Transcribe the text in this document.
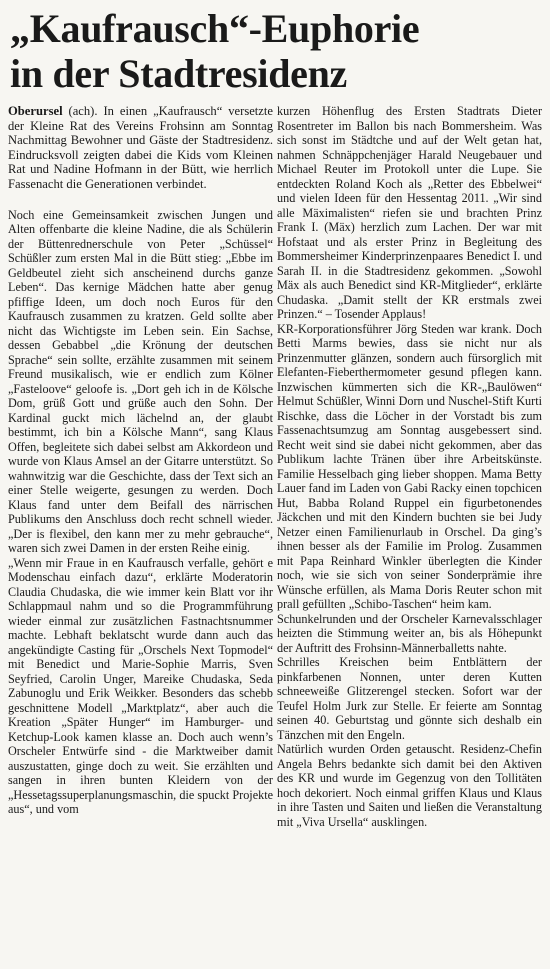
„Kaufrausch“-Euphorie
in der Stadtresidenz

Oberursel (ach). In einen „Kaufrausch“ versetzte der Kleine Rat des Vereins Frohsinn am Sonntag Nachmittag Bewohner und Gäste der Stadtresidenz. Eindrucksvoll zeigten dabei die Kids vom Kleinen Rat und Nadine Hofmann in der Bütt, wie herrlich Fassenacht die Generationen verbindet.

Noch eine Gemeinsamkeit zwischen Jungen und Alten offenbarte die kleine Nadine, die als Schülerin der Büttenrednerschule von Peter „Schüssel“ Schüßler zum ersten Mal in die Bütt stieg: „Ebbe im Geldbeutel zieht sich anscheinend durchs ganze Leben“. Das kernige Mädchen hatte aber genug pfiffige Ideen, um doch noch Euros für den Kaufrausch zusammen zu kratzen. Geld sollte aber nicht das Wichtigste im Leben sein. Ein Sachse, dessen Gebabbel „die Krönung der deutschen Sprache“ sein sollte, erzählte zusammen mit seinem Freund musikalisch, wie er endlich zum Kölner „Fasteloove“ geloofe is. „Dort geh ich in de Kölsche Dom, grüß Gott und grüße auch den Sohn. Der Kardinal guckt mich lächelnd an, der glaubt bestimmt, ich bin a Kölsche Mann“, sang Klaus Offen, begleitete sich dabei selbst am Akkordeon und wurde von Klaus Amsel an der Gitarre unterstützt. So wahnwitzig war die Geschichte, dass der Text sich an einer Stelle weigerte, gesungen zu werden. Doch Klaus fand unter dem Beifall des närrischen Publikums den Anschluss doch recht schnell wieder. „Der is flexibel, den kann mer zu mehr gebrauche“, waren sich zwei Damen in der ersten Reihe einig.

„Wenn mir Fraue in en Kaufrausch verfalle, gehört e Modenschau einfach dazu“, erklärte Moderatorin Claudia Chudaska, die wie immer kein Blatt vor ihr Schlappmaul nahm und so die Programmführung wieder einmal zur zusätzlichen Fastnachtsnummer machte. Lebhaft beklatscht wurde dann auch das angekündigte Casting für „Orschels Next Topmodel“ mit Benedict und Marie-Sophie Marris, Sven Seyfried, Carolin Unger, Mareike Chudaska, Seda Zabunoglu und Erik Weikker. Besonders das schebb geschnittene Modell „Marktplatz“, aber auch die Kreation „Später Hunger“ im Hamburger- und Ketchup-Look kamen klasse an. Doch auch wenn’s Orscheler Entwürfe sind - die Marktweiber damit auszustatten, ginge doch zu weit. Sie erzählten und sangen in ihren bunten Kleidern von der „Hessetagssuperplanungsmaschin, die spuckt Projekte aus“, und vom

kurzen Höhenflug des Ersten Stadtrats Dieter Rosentreter im Ballon bis nach Bommersheim. Was sich sonst im Städtche und auf der Welt getan hat, nahmen Schnäppchenjäger Harald Neugebauer und Michael Reuter im Protokoll unter die Lupe. Sie entdeckten Roland Koch als „Retter des Ebbelwei“ und vielen Ideen für den Hessentag 2011. „Wir sind alle Mäximalisten“ riefen sie und brachten Prinz Frank I. (Mäx) herzlich zum Lachen. Der war mit Hofstaat und als erster Prinz in Begleitung des Bommersheimer Kinderprinzenpaares Benedict I. und Sarah II. in die Stadtresidenz gekommen. „Sowohl Mäx als auch Benedict sind KR-Mitglieder“, erklärte Chudaska. „Damit stellt der KR erstmals zwei Prinzen.“ – Tosender Applaus!

KR-Korporationsführer Jörg Steden war krank. Doch Betti Marms bewies, dass sie nicht nur als Prinzenmutter glänzen, sondern auch fürsorglich mit Elefanten-Fieberthermometer gesund pflegen kann. Inzwischen kümmerten sich die KR-„Baulöwen“ Helmut Schüßler, Winni Dorn und Nuschel-Stift Kurti Rischke, dass die Löcher in der Vorstadt bis zum Fassenachtsumzug am Sonntag ausgebessert sind. Recht weit sind sie dabei nicht gekommen, aber das Publikum lachte Tränen über ihre Arbeitskünste. Familie Hesselbach ging lieber shoppen. Mama Betty Lauer fand im Laden von Gabi Racky einen topchicen Hut, Babba Roland Ruppel ein figurbetonendes Jäckchen und mit den Kindern buchten sie bei Judy Netzer einen Familienurlaub in Orschel. Da ging’s ihnen besser als der Familie im Prolog. Zusammen mit Papa Reinhard Winkler überlegten die Kinder noch, wie sie sich von seiner Sonderprämie ihre Wünsche erfüllen, als Mama Doris Reuter schon mit prall gefüllten „Schibo-Taschen“ heim kam.

Schunkelrunden und der Orscheler Karnevalsschlager heizten die Stimmung weiter an, bis als Höhepunkt der Auftritt des Frohsinn-Männerballetts nahte.

Schrilles Kreischen beim Entblättern der pinkfarbenen Nonnen, unter deren Kutten schneeweiße Glitzerengel stecken. Sofort war der Teufel Holm Jurk zur Stelle. Er feierte am Sonntag seinen 40. Geburtstag und gönnte sich deshalb ein Tänzchen mit den Engeln.

Natürlich wurden Orden getauscht. Residenz-Chefin Angela Behrs bedankte sich damit bei den Aktiven des KR und wurde im Gegenzug von den Tollitäten hoch dekoriert. Noch einmal griffen Klaus und Klaus in ihre Tasten und Saiten und ließen die Veranstaltung mit „Viva Ursella“ ausklingen.
